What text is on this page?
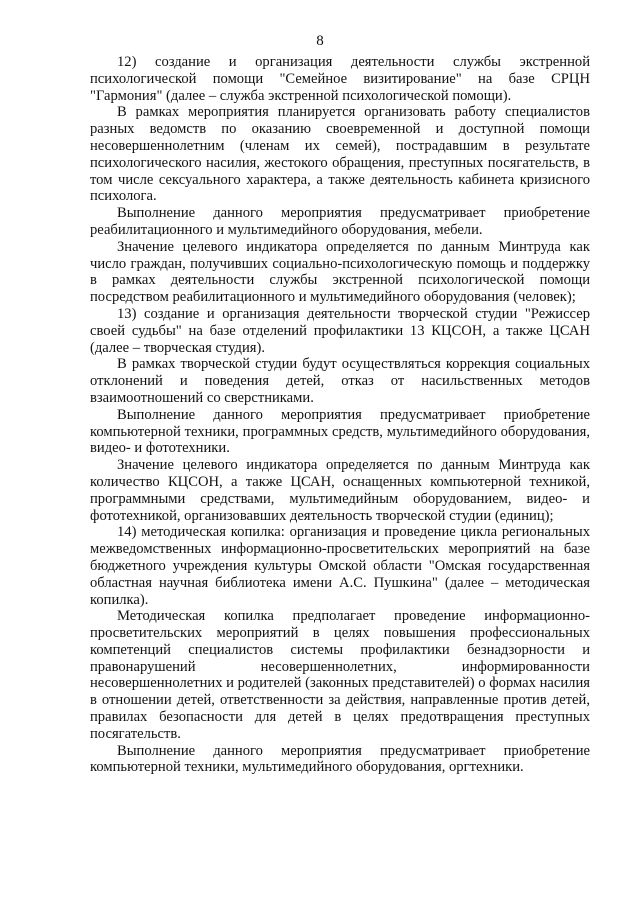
8

12) создание и организация деятельности службы экстренной психологической помощи "Семейное визитирование" на базе СРЦН "Гармония" (далее – служба экстренной психологической помощи).

В рамках мероприятия планируется организовать работу специалистов разных ведомств по оказанию своевременной и доступной помощи несовершеннолетним (членам их семей), пострадавшим в результате психологического насилия, жестокого обращения, преступных посягательств, в том числе сексуального характера, а также деятельность кабинета кризисного психолога.

Выполнение данного мероприятия предусматривает приобретение реабилитационного и мультимедийного оборудования, мебели.

Значение целевого индикатора определяется по данным Минтруда как число граждан, получивших социально-психологическую помощь и поддержку в рамках деятельности службы экстренной психологической помощи посредством реабилитационного и мультимедийного оборудования (человек);

13) создание и организация деятельности творческой студии "Режиссер своей судьбы" на базе отделений профилактики 13 КЦСОН, а также ЦСАН (далее – творческая студия).

В рамках творческой студии будут осуществляться коррекция социальных отклонений и поведения детей, отказ от насильственных методов взаимоотношений со сверстниками.

Выполнение данного мероприятия предусматривает приобретение компьютерной техники, программных средств, мультимедийного оборудования, видео- и фототехники.

Значение целевого индикатора определяется по данным Минтруда как количество КЦСОН, а также ЦСАН, оснащенных компьютерной техникой, программными средствами, мультимедийным оборудованием, видео- и фототехникой, организовавших деятельность творческой студии (единиц);

14) методическая копилка: организация и проведение цикла региональных межведомственных информационно-просветительских мероприятий на базе бюджетного учреждения культуры Омской области "Омская государственная областная научная библиотека имени А.С. Пушкина" (далее – методическая копилка).

Методическая копилка предполагает проведение информационно-просветительских мероприятий в целях повышения профессиональных компетенций специалистов системы профилактики безнадзорности и правонарушений несовершеннолетних, информированности несовершеннолетних и родителей (законных представителей) о формах насилия в отношении детей, ответственности за действия, направленные против детей, правилах безопасности для детей в целях предотвращения преступных посягательств.

Выполнение данного мероприятия предусматривает приобретение компьютерной техники, мультимедийного оборудования, оргтехники.
